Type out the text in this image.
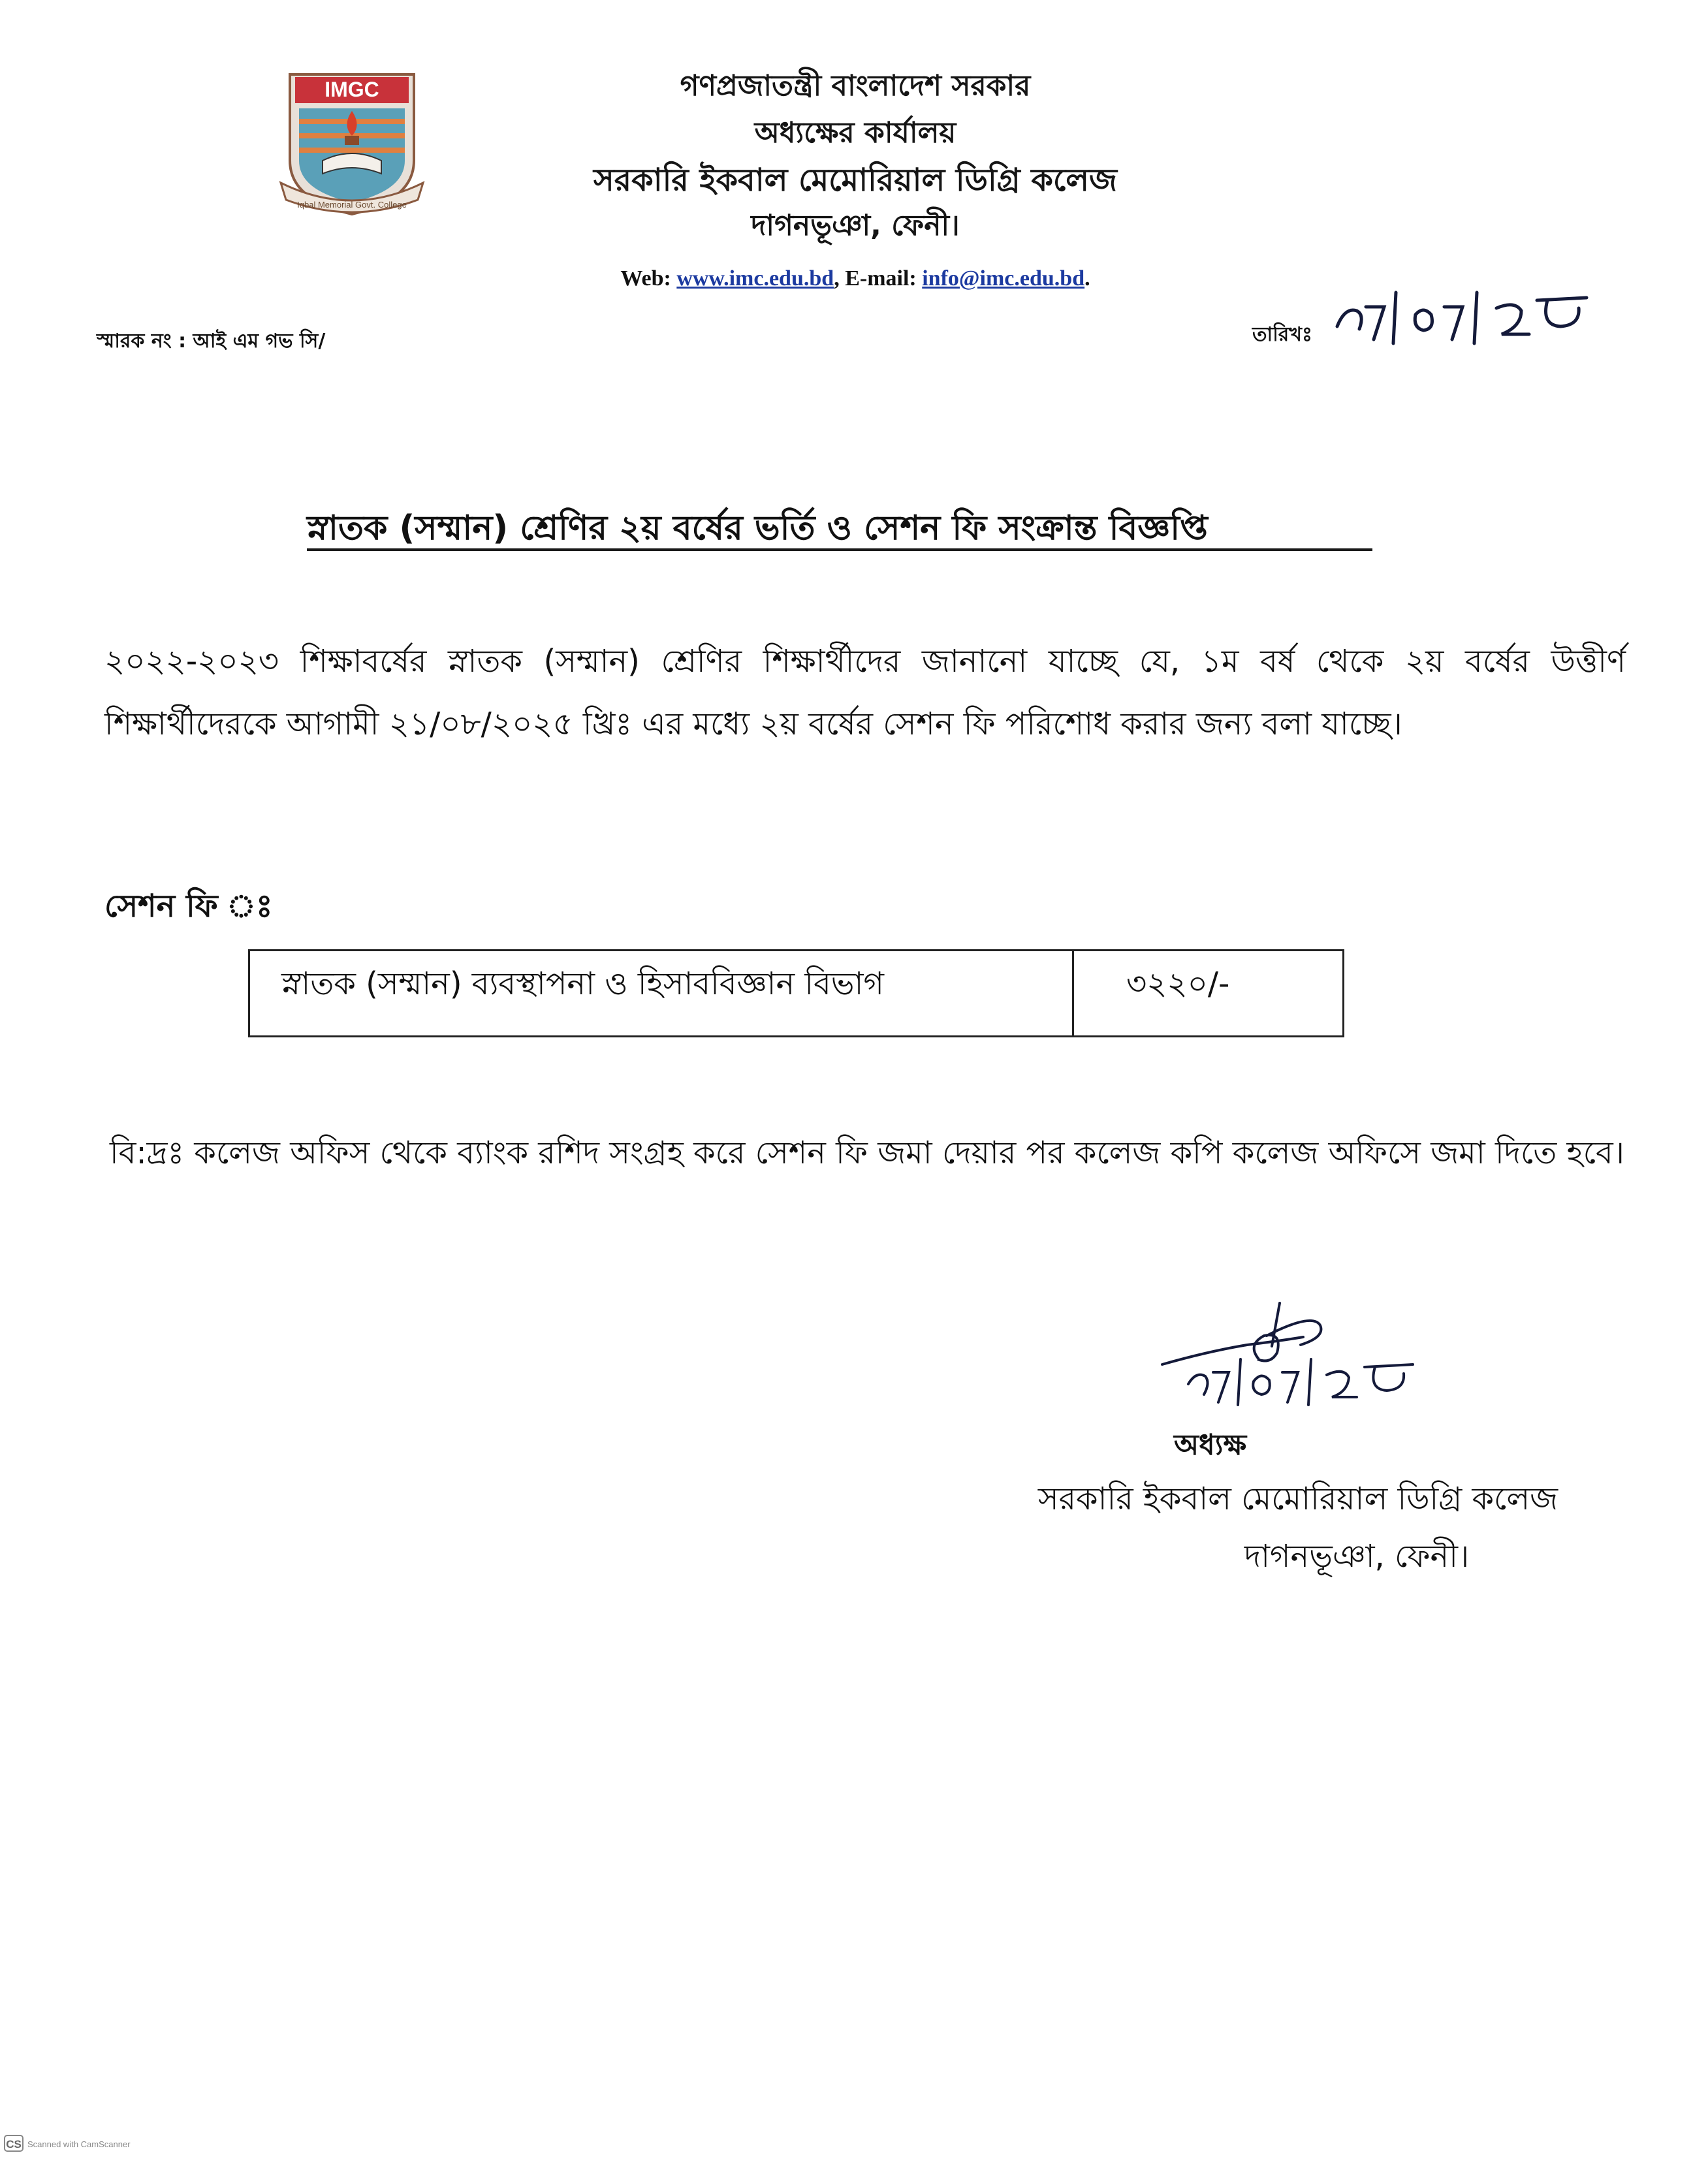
IMGC
Iqbal Memorial Govt. College
গণপ্রজাতন্ত্রী বাংলাদেশ সরকার
অধ্যক্ষের কার্যালয়
সরকারি ইকবাল মেমোরিয়াল ডিগ্রি কলেজ
দাগনভূঞা, ফেনী।
Web: www.imc.edu.bd, E-mail: info@imc.edu.bd.
স্মারক নং : আই এম গভ সি/	তারিখঃ
স্নাতক (সম্মান) শ্রেণির ২য় বর্ষের ভর্তি ও সেশন ফি সংক্রান্ত বিজ্ঞপ্তি
২০২২-২০২৩ শিক্ষাবর্ষের স্নাতক (সম্মান) শ্রেণির শিক্ষার্থীদের জানানো যাচ্ছে যে, ১ম বর্ষ থেকে ২য় বর্ষের উত্তীর্ণ শিক্ষার্থীদেরকে আগামী ২১/০৮/২০২৫ খ্রিঃ এর মধ্যে ২য় বর্ষের সেশন ফি পরিশোধ করার জন্য বলা যাচ্ছে।
সেশন ফি ঃ
স্নাতক (সম্মান) ব্যবস্থাপনা ও হিসাববিজ্ঞান বিভাগ	৩২২০/-
বি:দ্রঃ কলেজ অফিস থেকে ব্যাংক রশিদ সংগ্রহ করে সেশন ফি জমা দেয়ার পর কলেজ কপি কলেজ অফিসে জমা দিতে হবে।
অধ্যক্ষ
সরকারি ইকবাল মেমোরিয়াল ডিগ্রি কলেজ
দাগনভূঞা, ফেনী।
CS Scanned with CamScanner
